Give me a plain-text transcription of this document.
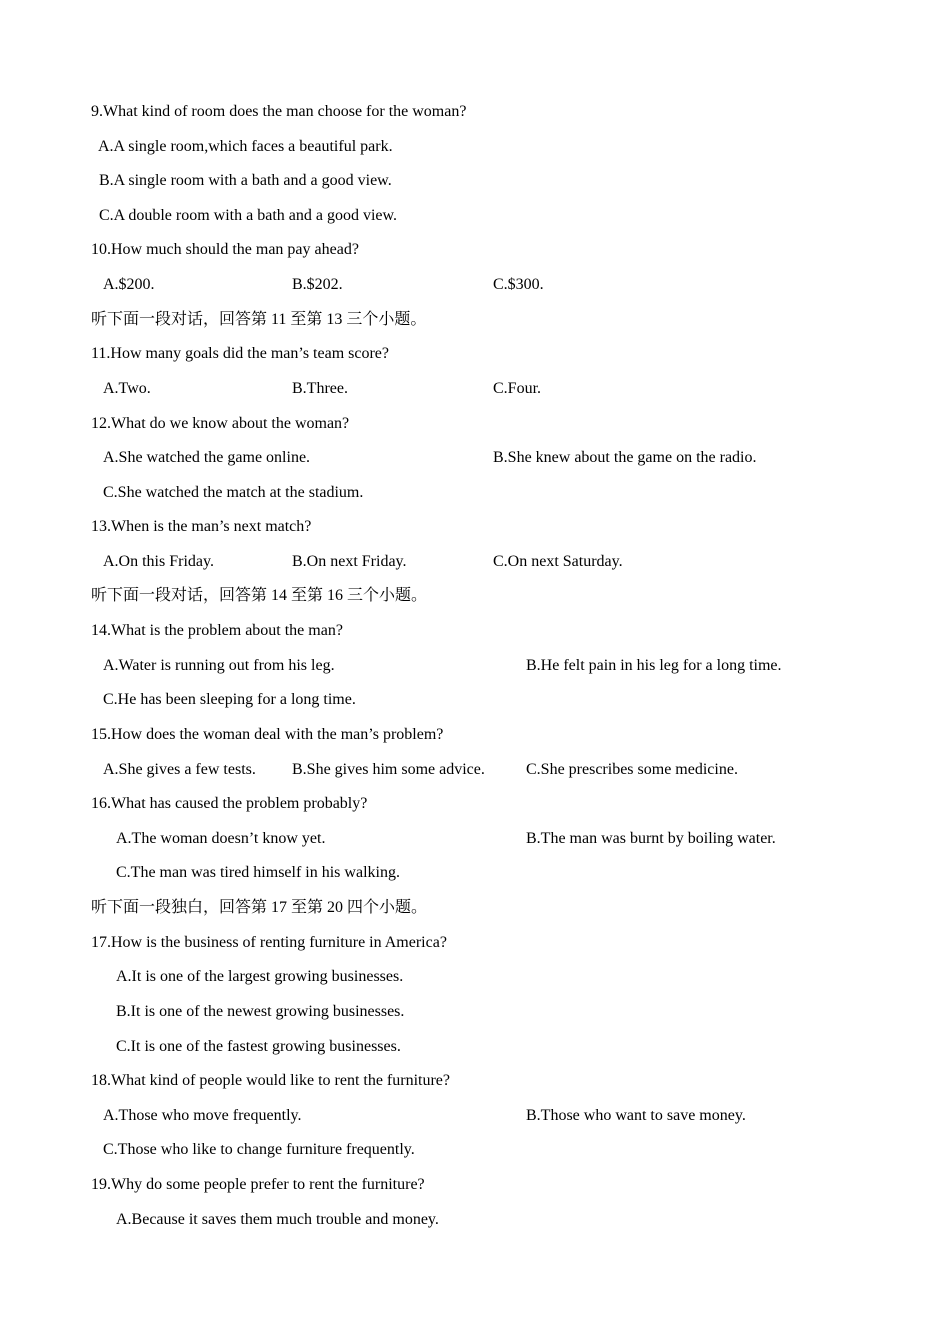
9.What kind of room does the man choose for the woman?
A.A single room,which faces a beautiful park.
B.A single room with a bath and a good view.
C.A double room with a bath and a good view.
10.How much should the man pay ahead?
A.$200.	B.$202.	C.$300.
听下面一段对话，回答第 11 至第 13 三个小题。
11.How many goals did the man’s team score?
A.Two.	B.Three.	C.Four.
12.What do we know about the woman?
A.She watched the game online.	B.She knew about the game on the radio.
C.She watched the match at the stadium.
13.When is the man’s next match?
A.On this Friday.	B.On next Friday.	C.On next Saturday.
听下面一段对话，回答第 14 至第 16 三个小题。
14.What is the problem about the man?
A.Water is running out from his leg.	B.He felt pain in his leg for a long time.
C.He has been sleeping for a long time.
15.How does the woman deal with the man’s problem?
A.She gives a few tests. B.She gives him some advice.	C.She prescribes some medicine.
16.What has caused the problem probably?
A.The woman doesn’t know yet.	B.The man was burnt by boiling water.
C.The man was tired himself in his walking.
听下面一段独白，回答第 17 至第 20 四个小题。
17.How is the business of renting furniture in America?
A.It is one of the largest growing businesses.
B.It is one of the newest growing businesses.
C.It is one of the fastest growing businesses.
18.What kind of people would like to rent the furniture?
A.Those who move frequently.	B.Those who want to save money.
C.Those who like to change furniture frequently.
19.Why do some people prefer to rent the furniture?
A.Because it saves them much trouble and money.
